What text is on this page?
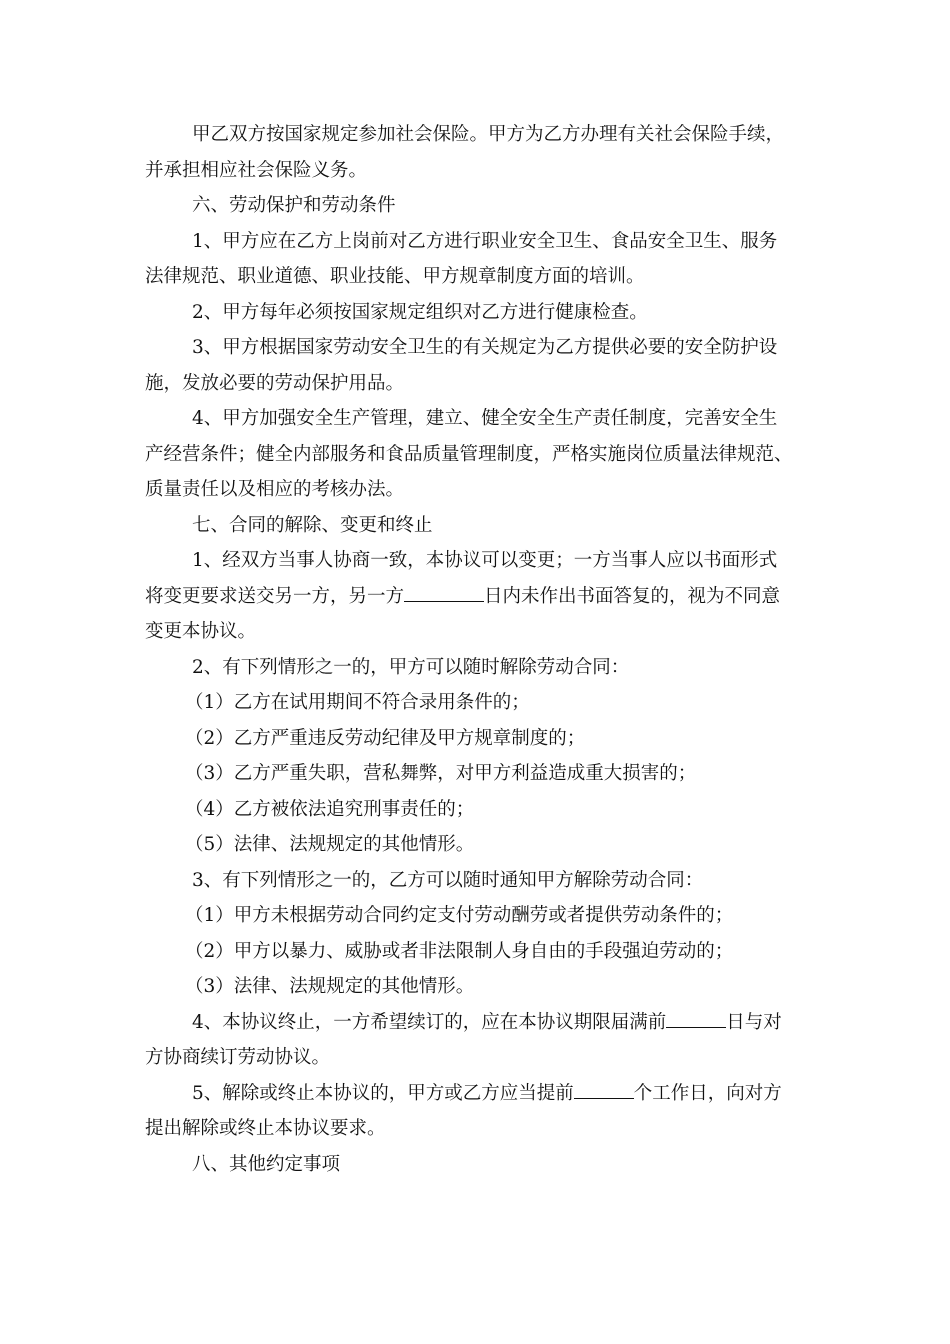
甲乙双方按国家规定参加社会保险。甲方为乙方办理有关社会保险手续，

并承担相应社会保险义务。

六、劳动保护和劳动条件

1、甲方应在乙方上岗前对乙方进行职业安全卫生、食品安全卫生、服务

法律规范、职业道德、职业技能、甲方规章制度方面的培训。

2、甲方每年必须按国家规定组织对乙方进行健康检查。

3、甲方根据国家劳动安全卫生的有关规定为乙方提供必要的安全防护设

施，发放必要的劳动保护用品。

4、甲方加强安全生产管理，建立、健全安全生产责任制度，完善安全生

产经营条件；健全内部服务和食品质量管理制度，严格实施岗位质量法律规范、

质量责任以及相应的考核办法。

七、合同的解除、变更和终止

1、经双方当事人协商一致，本协议可以变更；一方当事人应以书面形式

将变更要求送交另一方，另一方	日内未作出书面答复的，视为不同意

变更本协议。

2、有下列情形之一的，甲方可以随时解除劳动合同：

（1）乙方在试用期间不符合录用条件的；

（2）乙方严重违反劳动纪律及甲方规章制度的；

（3）乙方严重失职，营私舞弊，对甲方利益造成重大损害的；

（4）乙方被依法追究刑事责任的；

（5）法律、法规规定的其他情形。

3、有下列情形之一的，乙方可以随时通知甲方解除劳动合同：

（1）甲方未根据劳动合同约定支付劳动酬劳或者提供劳动条件的；

（2）甲方以暴力、威胁或者非法限制人身自由的手段强迫劳动的；

（3）法律、法规规定的其他情形。

4、本协议终止，一方希望续订的，应在本协议期限届满前	日与对

方协商续订劳动协议。

5、解除或终止本协议的，甲方或乙方应当提前	个工作日，向对方

提出解除或终止本协议要求。

八、其他约定事项
